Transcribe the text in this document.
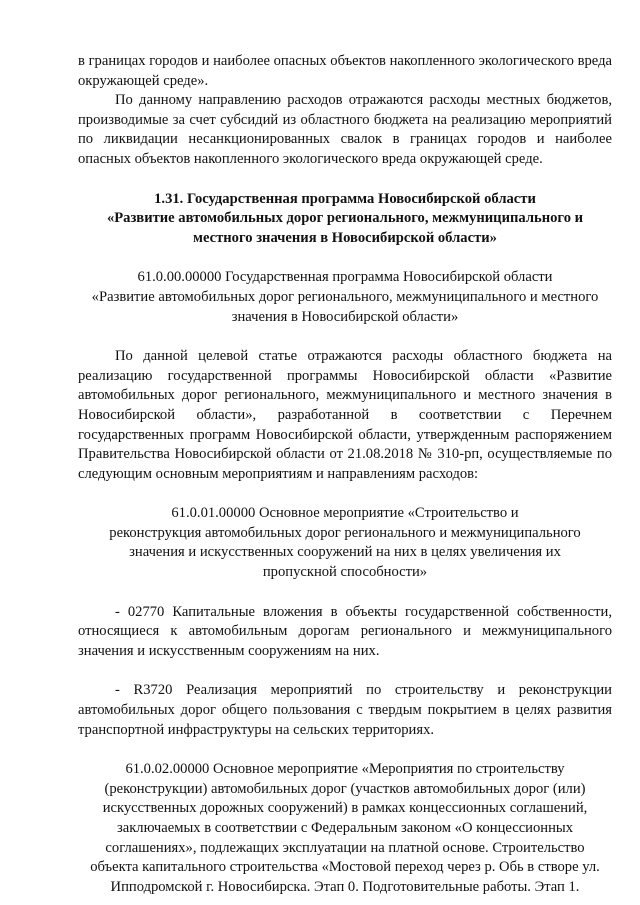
в границах городов и наиболее опасных объектов накопленного экологического вреда окружающей среде».

По данному направлению расходов отражаются расходы местных бюджетов, производимые за счет субсидий из областного бюджета на реализацию мероприятий по ликвидации несанкционированных свалок в границах городов и наиболее опасных объектов накопленного экологического вреда окружающей среде.

1.31. Государственная программа Новосибирской области
«Развитие автомобильных дорог регионального, межмуниципального и
местного значения в Новосибирской области»
61.0.00.00000 Государственная программа Новосибирской области
«Развитие автомобильных дорог регионального, межмуниципального и местного
значения в Новосибирской области»

По данной целевой статье отражаются расходы областного бюджета на реализацию государственной программы Новосибирской области «Развитие автомобильных дорог регионального, межмуниципального и местного значения в Новосибирской области», разработанной в соответствии с Перечнем государственных программ Новосибирской области, утвержденным распоряжением Правительства Новосибирской области от 21.08.2018 № 310-рп, осуществляемые по следующим основным мероприятиям и направлениям расходов:

61.0.01.00000 Основное мероприятие «Строительство и
реконструкция автомобильных дорог регионального и межмуниципального
значения и искусственных сооружений на них в целях увеличения их
пропускной способности»

- 02770 Капитальные вложения в объекты государственной собственности, относящиеся к автомобильным дорогам регионального и межмуниципального значения и искусственным сооружениям на них.

- R3720 Реализация мероприятий по строительству и реконструкции автомобильных дорог общего пользования с твердым покрытием в целях развития транспортной инфраструктуры на сельских территориях.

61.0.02.00000 Основное мероприятие «Мероприятия по строительству
(реконструкции) автомобильных дорог (участков автомобильных дорог (или)
искусственных дорожных сооружений) в рамках концессионных соглашений,
заключаемых в соответствии с Федеральным законом «О концессионных
соглашениях», подлежащих эксплуатации на платной основе. Строительство
объекта капитального строительства «Мостовой переход через р. Обь в створе ул.
Ипподромской г. Новосибирска. Этап 0. Подготовительные работы. Этап 1.
